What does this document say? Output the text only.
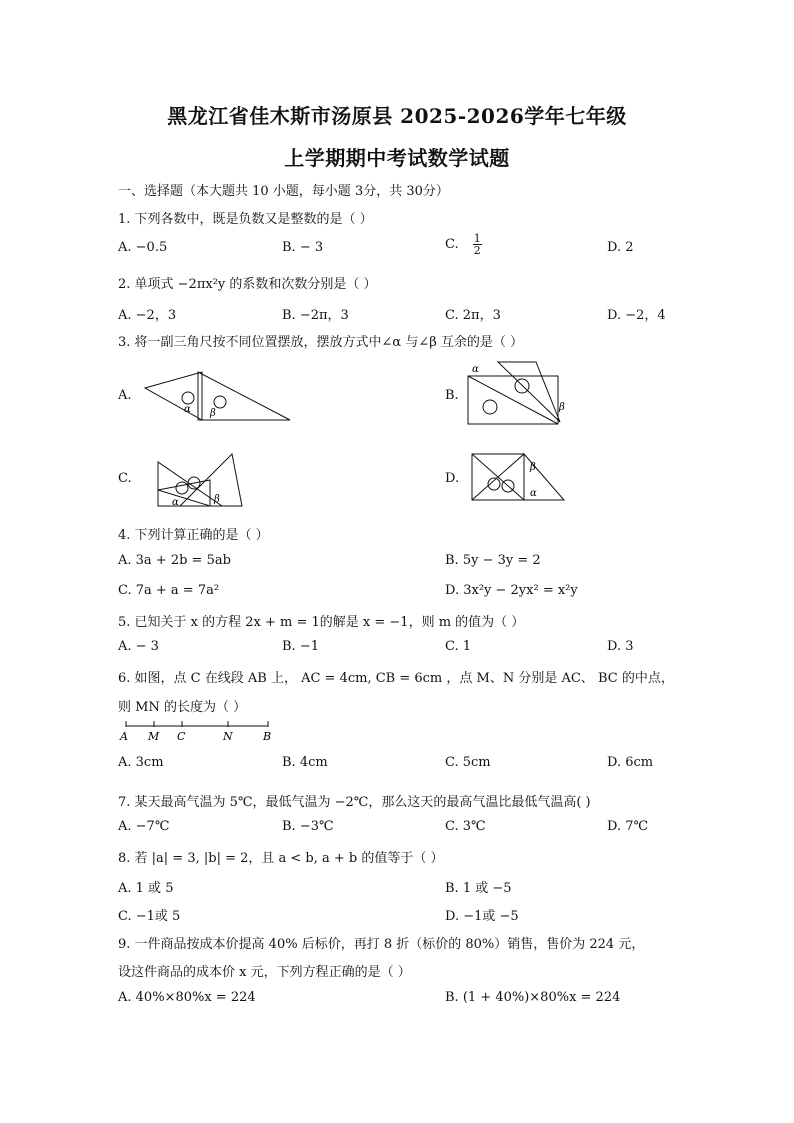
黑龙江省佳木斯市汤原县 2025-2026学年七年级
上学期期中考试数学试题
一、选择题（本大题共 10 小题，每小题 3分，共 30分）
1. 下列各数中，既是负数又是整数的是（ ）
A. −0.5	B. − 3	C. $\frac{1}{2}$	D. 2
2. 单项式 −2πx²y 的系数和次数分别是（ ）
A. −2，3	B. −2π，3	C. 2π，3	D. −2，4
3. 将一副三角尺按不同位置摆放，摆放方式中∠α 与∠β 互余的是（ ）
A.	B.
C.	D.
α β
α
β
α	β
β
α
4. 下列计算正确的是（ ）
A. 3a + 2b = 5ab	B. 5y − 3y = 2
C. 7a + a = 7a²	D. 3x²y − 2yx² = x²y
5. 已知关于 x 的方程 2x + m = 1的解是 x = −1，则 m 的值为（ ）
A. − 3	B. −1	C. 1	D. 3
6. 如图，点 C 在线段 AB 上， AC = 4cm, CB = 6cm ，点 M、N 分别是 AC、 BC 的中点，
则 MN 的长度为（ ）
A M C	N	B
A. 3cm	B. 4cm	C. 5cm	D. 6cm
7. 某天最高气温为 5℃，最低气温为 −2℃，那么这天的最高气温比最低气温高( )
A. −7℃	B. −3℃	C. 3℃	D. 7℃
8. 若 |a| = 3, |b| = 2，且 a < b, a + b 的值等于（ ）
A. 1 或 5	B. 1 或 −5
C. −1或 5	D. −1或 −5
9. 一件商品按成本价提高 40% 后标价，再打 8 折（标价的 80%）销售，售价为 224 元，
设这件商品的成本价 x 元，下列方程正确的是（ ）
A. 40%×80%x = 224	B. (1 + 40%)×80%x = 224
